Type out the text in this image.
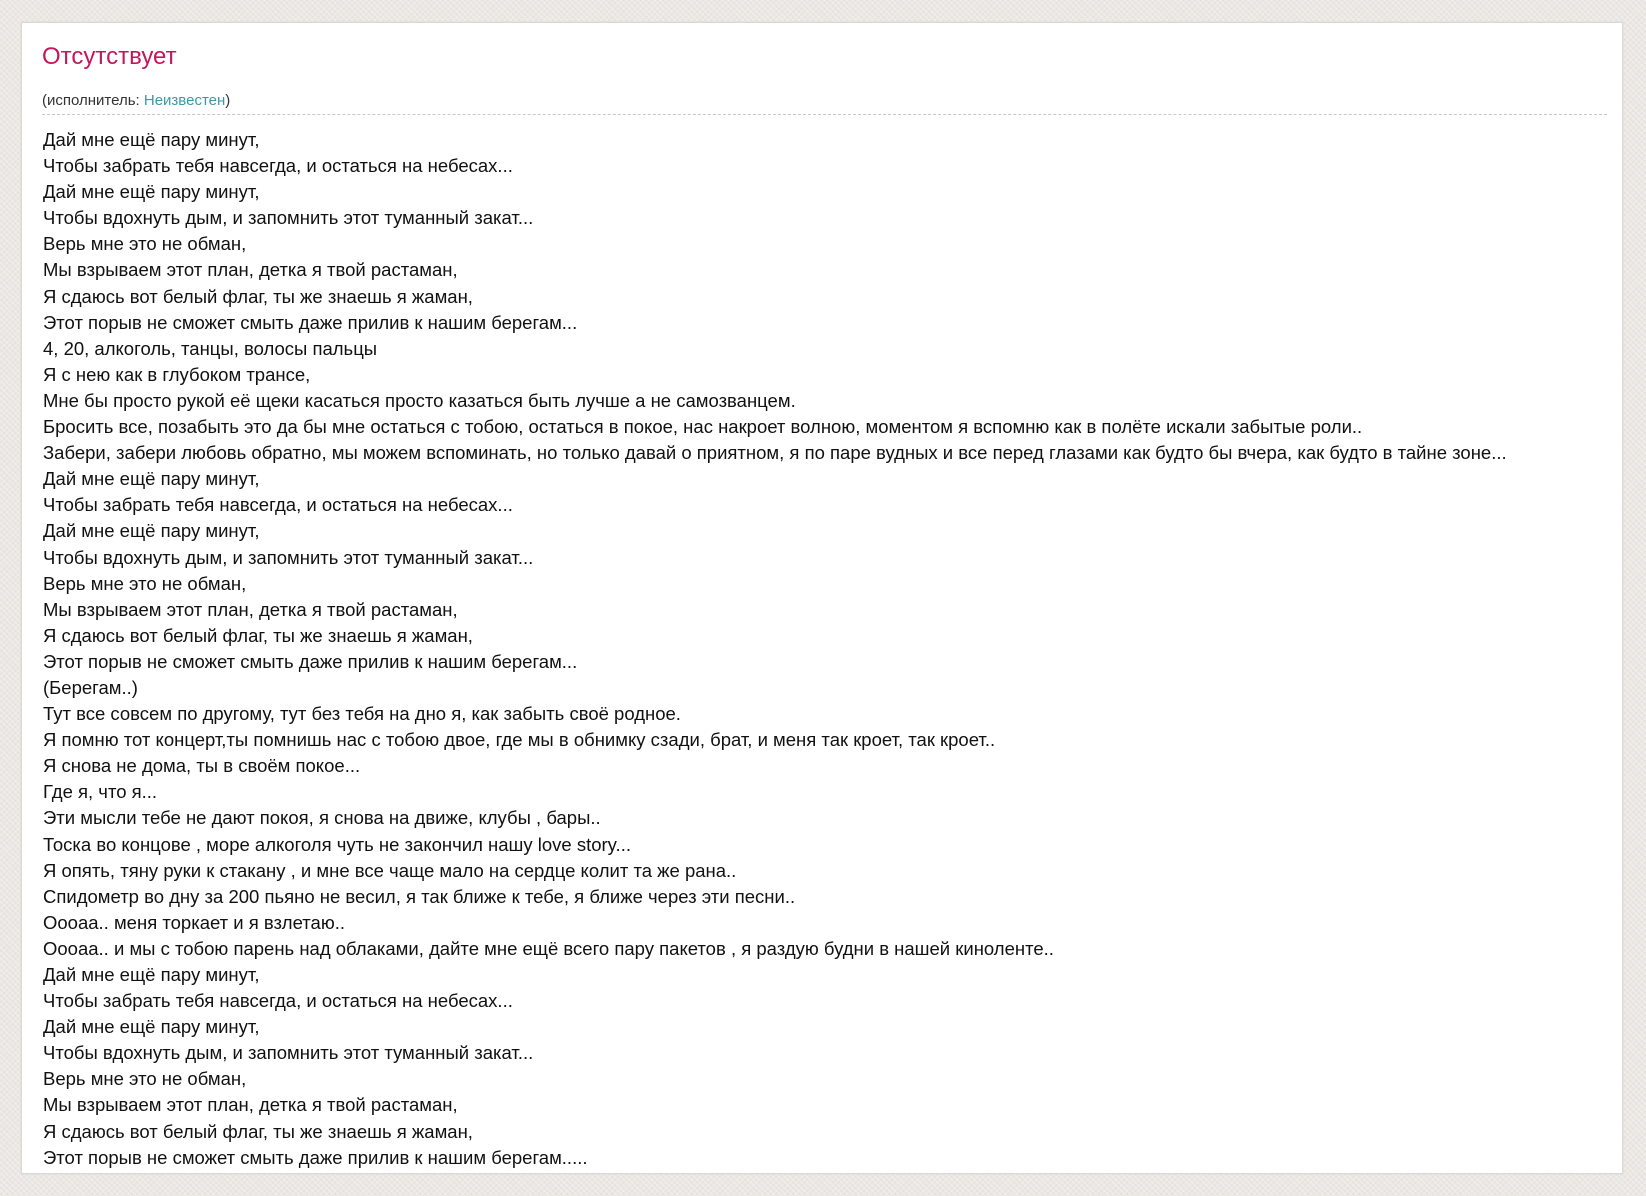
Отсутствует
(исполнитель: Неизвестен)
Дай мне ещё пару минут,
Чтобы забрать тебя навсегда, и остаться на небесах...
Дай мне ещё пару минут,
Чтобы вдохнуть дым, и запомнить этот туманный закат...
Верь мне это не обман,
Мы взрываем этот план, детка я твой растаман,
Я сдаюсь вот белый флаг, ты же знаешь я жаман,
Этот порыв не сможет смыть даже прилив к нашим берегам...
4, 20, алкоголь, танцы, волосы пальцы
Я с нею как в глубоком трансе,
Мне бы просто рукой её щеки касаться просто казаться быть лучше а не самозванцем.
Бросить все, позабыть это да бы мне остаться с тобою, остаться в покое, нас накроет волною, моментом я вспомню как в полёте искали забытые роли..
Забери, забери любовь обратно, мы можем вспоминать, но только давай о приятном, я по паре вудных и все перед глазами как будто бы вчера, как будто в тайне зоне...
Дай мне ещё пару минут,
Чтобы забрать тебя навсегда, и остаться на небесах...
Дай мне ещё пару минут,
Чтобы вдохнуть дым, и запомнить этот туманный закат...
Верь мне это не обман,
Мы взрываем этот план, детка я твой растаман,
Я сдаюсь вот белый флаг, ты же знаешь я жаман,
Этот порыв не сможет смыть даже прилив к нашим берегам...
(Берегам..)
Тут все совсем по другому, тут без тебя на дно я, как забыть своё родное.
Я помню тот концерт,ты помнишь нас с тобою двое, где мы в обнимку сзади, брат, и меня так кроет, так кроет..
Я снова не дома, ты в своём покое...
Где я, что я...
Эти мысли тебе не дают покоя, я снова на движе, клубы , бары..
Тоска во концове , море алкоголя чуть не закончил нашу love story...
Я опять, тяну руки к стакану , и мне все чаще мало на сердце колит та же рана..
Спидометр во дну за 200 пьяно не весил, я так ближе к тебе, я ближе через эти песни..
Оооаа.. меня торкает и я взлетаю..
Оооаа.. и мы с тобою парень над облаками, дайте мне ещё всего пару пакетов , я раздую будни в нашей киноленте..
Дай мне ещё пару минут,
Чтобы забрать тебя навсегда, и остаться на небесах...
Дай мне ещё пару минут,
Чтобы вдохнуть дым, и запомнить этот туманный закат...
Верь мне это не обман,
Мы взрываем этот план, детка я твой растаман,
Я сдаюсь вот белый флаг, ты же знаешь я жаман,
Этот порыв не сможет смыть даже прилив к нашим берегам.....
